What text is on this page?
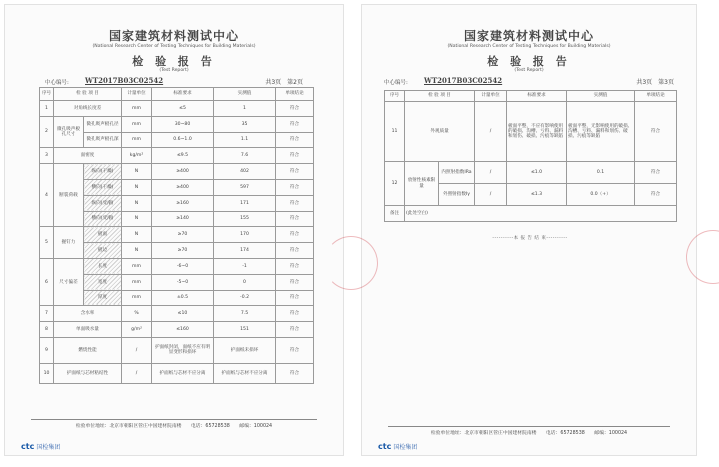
国家建筑材料测试中心
(National Research Center of Testing Techniques for Building Materials)
检 验 报 告
(Test Report)
中心编号: WT2017B03C02542	共3页　第2页
序号	检 验 项 目		计量单位	标准要求	实测值	单项结论
1	对角线长度差		mm	≤5	1	符合
2	微孔吸声板孔尺寸	微孔吸声板孔径	mm	30~80	35	符合
		微孔吸声板孔深	mm	0.6~1.0	1.1	符合
3	面密度		kg/m²	≤9.5	7.6	符合
4	断裂荷载	纵向(干燥)	N	≥400	402	符合
		横向(干燥)	N	≥400	597	符合
		纵向(受潮)	N	≥160	171	符合
		横向(受潮)	N	≥140	155	符合
5	握钉力	板面	N	≥70	170	符合
		板边	N	≥70	174	符合
6	尺寸偏差	长度	mm	-6~0	-1	符合
		宽度	mm	-5~0	0	符合
		厚度	mm	±0.5	-0.2	符合
7	含水率		%	≤10	7.5	符合
8	单面吸水量		g/m²	≤160	151	符合
9	燃烧性能		/	护面纸封闭，面纸不应有明显变形和损坏	护面纸未损坏	符合
10	护面纸与芯材粘结性		/	护面纸与芯材不应分离	护面纸与芯材不应分离	符合
检验单位地址：北京市朝阳区管庄中国建材院南楼　　电话：65728538　　邮编：100024
ctc 国检集团
国家建筑材料测试中心
(National Research Center of Testing Techniques for Building Materials)
检 验 报 告
(Test Report)
中心编号: WT2017B03C02542	共3页　第3页
序号	检 验 项 目		计量单位	标准要求	实测值	单项结论
11	外观质量		/	板面平整，不应有影响使用的破损、沟槽、亏料、漏料和划伤、破损、污痕等缺陷	板面平整，无影响使用的破损、沟槽、亏料、漏料和划伤、破损、污痕等缺陷	符合
12	放射性核素限量	内照射指数IRa	/	≤1.0	0.1	符合
		外照射指数Iγ	/	≤1.3	0.0（+）	符合
备注	(此处空白)					
----------本 报 告 结 束----------
检验单位地址：北京市朝阳区管庄中国建材院南楼　　电话：65728538　　邮编：100024
ctc 国检集团
